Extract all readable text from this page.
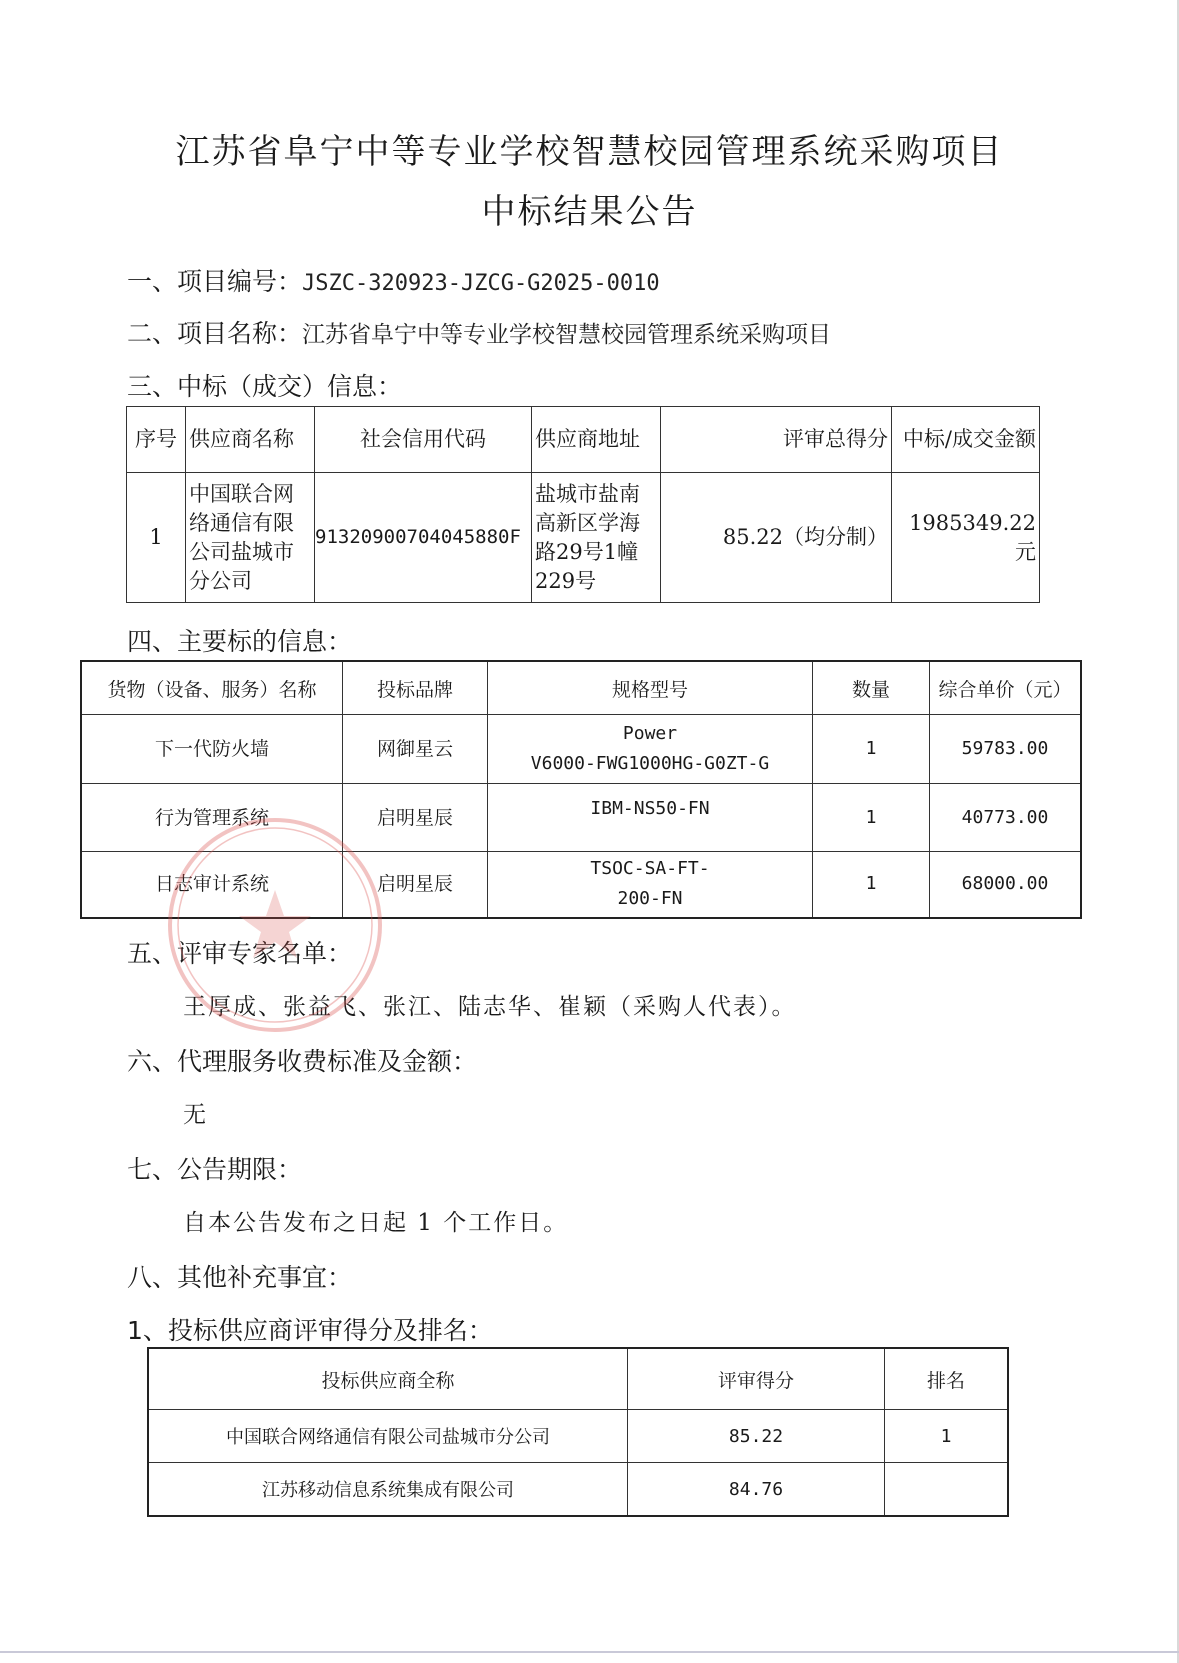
江苏省阜宁中等专业学校智慧校园管理系统采购项目
中标结果公告
一、项目编号：JSZC-320923-JZCG-G2025-0010
二、项目名称：江苏省阜宁中等专业学校智慧校园管理系统采购项目
三、中标（成交）信息：
序号	供应商名称	社会信用代码	供应商地址	评审总得分	中标/成交金额
1	中国联合网络通信有限公司盐城市分公司	91320900704045880F	盐城市盐南高新区学海路29号1幢229号	85.22（均分制）	1985349.22元
四、主要标的信息：
货物（设备、服务）名称	投标品牌	规格型号	数量	综合单价（元）
下一代防火墙	网御星云	Power
V6000-FWG1000HG-G0ZT-G	1	59783.00
行为管理系统	启明星辰	IBM-NS50-FN	1	40773.00
日志审计系统	启明星辰	TSOC-SA-FT-
200-FN	1	68000.00
五、评审专家名单：
王厚成、张益飞、张江、陆志华、崔颖（采购人代表）。
六、代理服务收费标准及金额：
无
七、公告期限：
自本公告发布之日起 1 个工作日。
八、其他补充事宜：
1、投标供应商评审得分及排名：
投标供应商全称	评审得分	排名
中国联合网络通信有限公司盐城市分公司	85.22	1
江苏移动信息系统集成有限公司	84.76	
